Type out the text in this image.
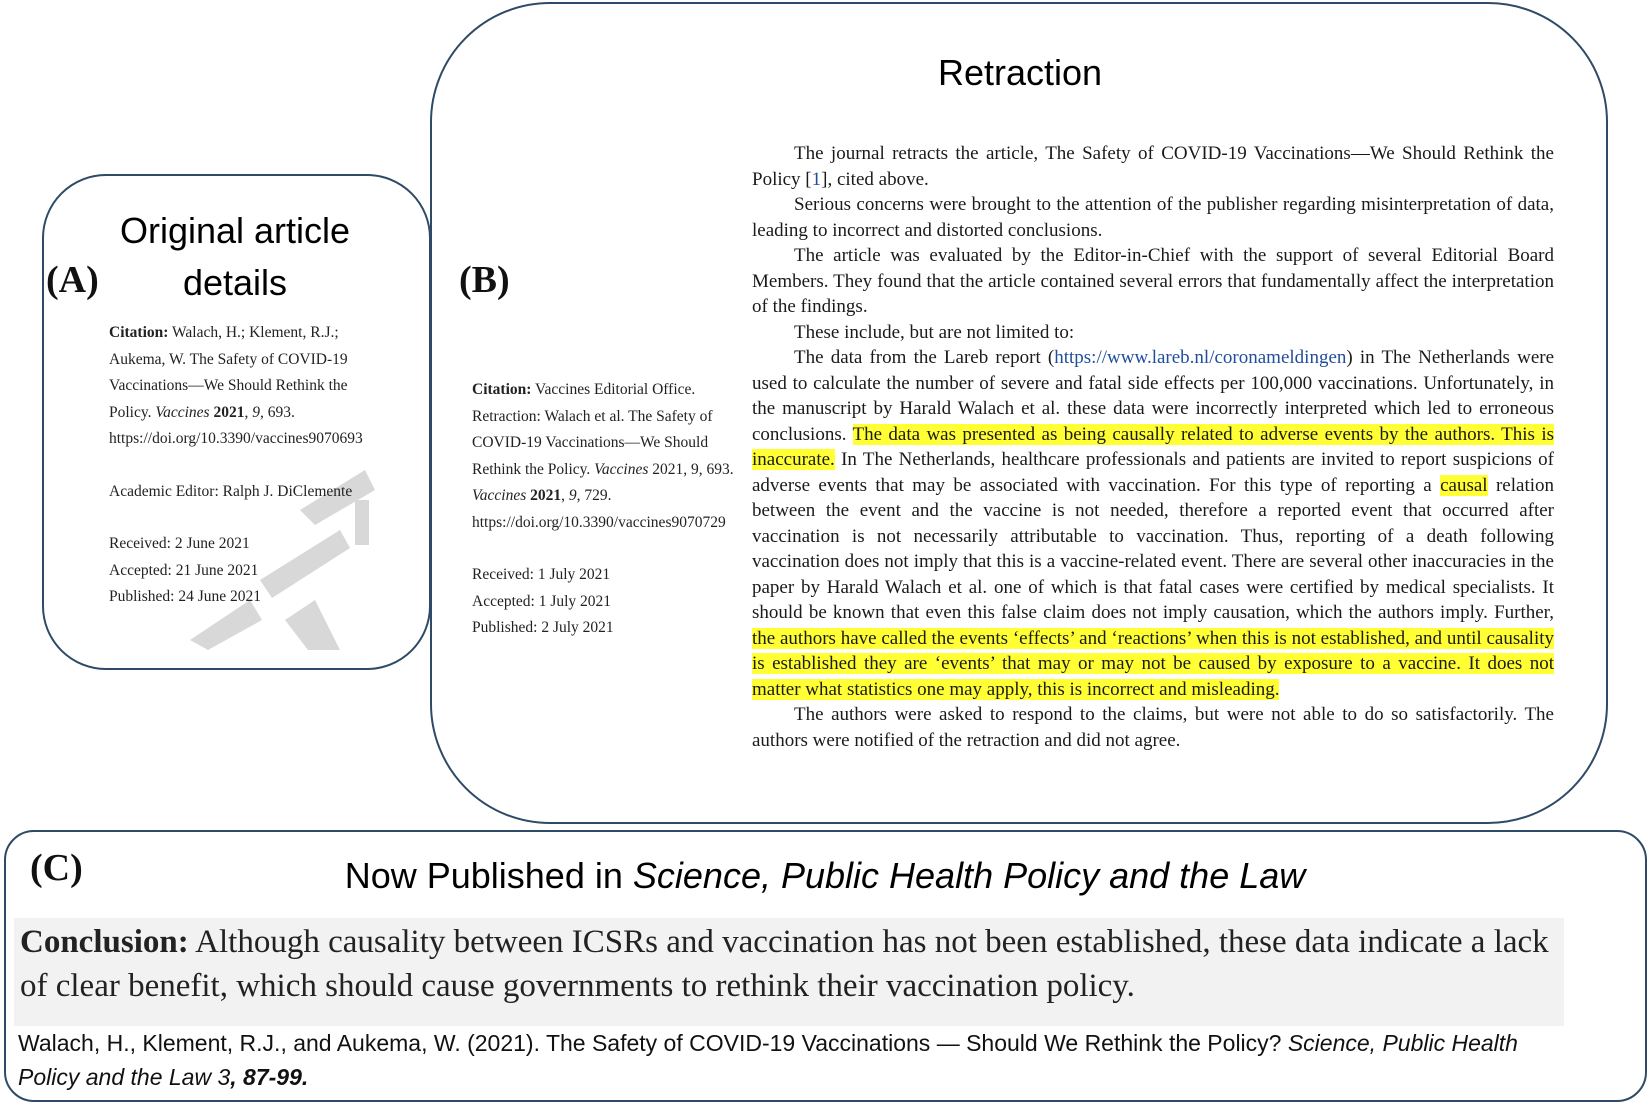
(A)
Original article
details

Citation: Walach, H.; Klement, R.J.; Aukema, W. The Safety of COVID-19 Vaccinations—We Should Rethink the Policy. Vaccines 2021, 9, 693. https://doi.org/10.3390/vaccines9070693

Academic Editor: Ralph J. DiClemente

Received: 2 June 2021

Accepted: 21 June 2021

Published: 24 June 2021

(B)
Retraction

Citation: Vaccines Editorial Office. Retraction: Walach et al. The Safety of COVID-19 Vaccinations—We Should Rethink the Policy. Vaccines 2021, 9, 693. Vaccines 2021, 9, 729. https://doi.org/10.3390/vaccines9070729

Received: 1 July 2021

Accepted: 1 July 2021

Published: 2 July 2021

The journal retracts the article, The Safety of COVID-19 Vaccinations—We Should Rethink the Policy [1], cited above.

Serious concerns were brought to the attention of the publisher regarding misinterpretation of data, leading to incorrect and distorted conclusions.

The article was evaluated by the Editor-in-Chief with the support of several Editorial Board Members. They found that the article contained several errors that fundamentally affect the interpretation of the findings.

These include, but are not limited to:

The data from the Lareb report (https://www.lareb.nl/coronameldingen) in The Netherlands were used to calculate the number of severe and fatal side effects per 100,000 vaccinations. Unfortunately, in the manuscript by Harald Walach et al. these data were incorrectly interpreted which led to erroneous conclusions. The data was presented as being causally related to adverse events by the authors. This is inaccurate. In The Netherlands, healthcare professionals and patients are invited to report suspicions of adverse events that may be associated with vaccination. For this type of reporting a causal relation between the event and the vaccine is not needed, therefore a reported event that occurred after vaccination is not necessarily attributable to vaccination. Thus, reporting of a death following vaccination does not imply that this is a vaccine-related event. There are several other inaccuracies in the paper by Harald Walach et al. one of which is that fatal cases were certified by medical specialists. It should be known that even this false claim does not imply causation, which the authors imply. Further, the authors have called the events ‘effects’ and ‘reactions’ when this is not established, and until causality is established they are ‘events’ that may or may not be caused by exposure to a vaccine. It does not matter what statistics one may apply, this is incorrect and misleading.

The authors were asked to respond to the claims, but were not able to do so satisfactorily. The authors were notified of the retraction and did not agree.

(C)	Now Published in Science, Public Health Policy and the Law
Conclusion: Although causality between ICSRs and vaccination has not been established, these data indicate a lack of clear benefit, which should cause governments to rethink their vaccination policy.
Walach, H., Klement, R.J., and Aukema, W. (2021). The Safety of COVID-19 Vaccinations — Should We Rethink the Policy? Science, Public Health Policy and the Law 3, 87-99.
